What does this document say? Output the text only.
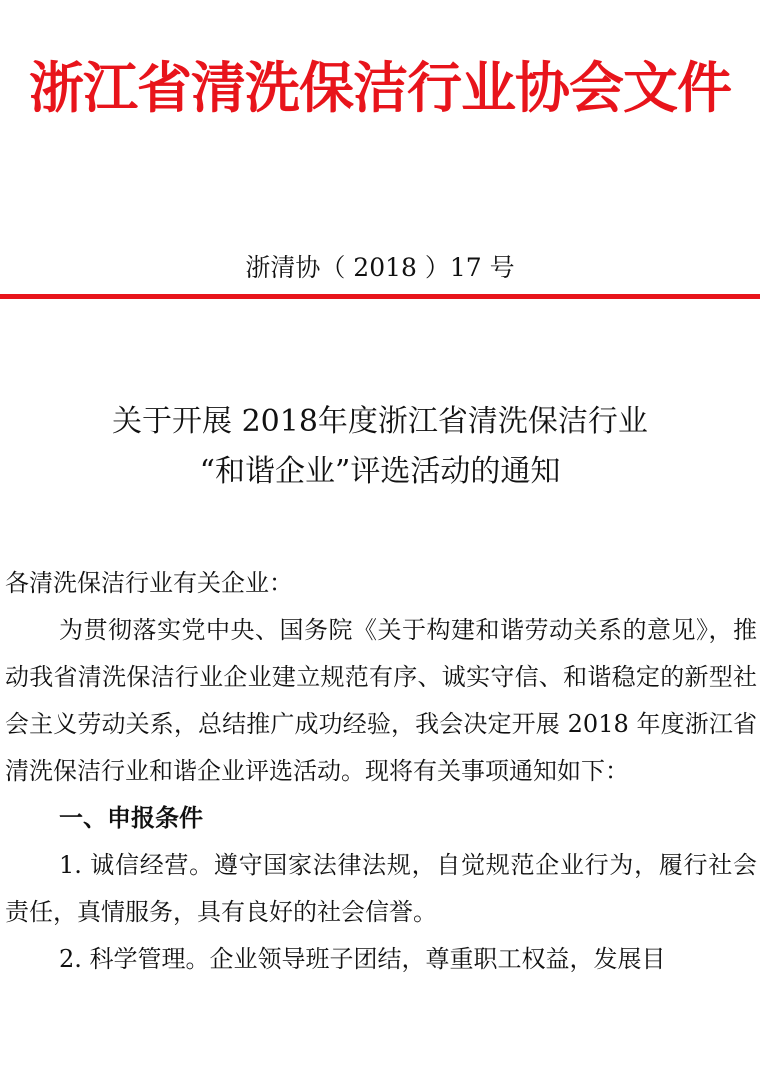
浙江省清洗保洁行业协会文件
浙清协（ 2018 ）17 号
关于开展 2018年度浙江省清洗保洁行业
“和谐企业”评选活动的通知

各清洗保洁行业有关企业：

为贯彻落实党中央、国务院《关于构建和谐劳动关系的意见》，推动我省清洗保洁行业企业建立规范有序、诚实守信、和谐稳定的新型社会主义劳动关系，总结推广成功经验，我会决定开展 2018 年度浙江省清洗保洁行业和谐企业评选活动。现将有关事项通知如下：

一、申报条件

1. 诚信经营。遵守国家法律法规，自觉规范企业行为，履行社会责任，真情服务，具有良好的社会信誉。

2. 科学管理。企业领导班子团结，尊重职工权益，发展目
